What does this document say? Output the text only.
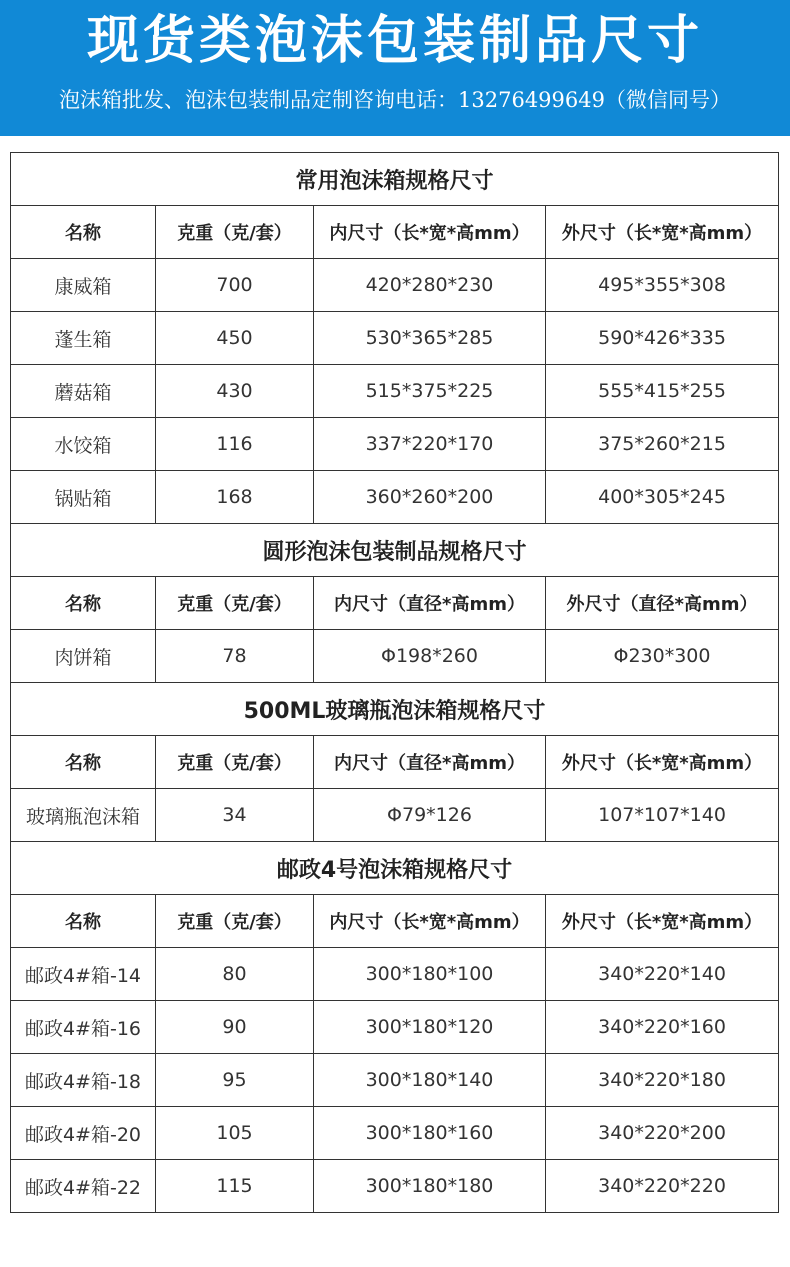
现货类泡沫包装制品尺寸
泡沫箱批发、泡沫包装制品定制咨询电话：13276499649（微信同号）
常用泡沫箱规格尺寸			
名称	克重（克/套）	内尺寸（长*宽*高mm）	外尺寸（长*宽*高mm）
康威箱	700	420*280*230	495*355*308
蓬生箱	450	530*365*285	590*426*335
蘑菇箱	430	515*375*225	555*415*255
水饺箱	116	337*220*170	375*260*215
锅贴箱	168	360*260*200	400*305*245
圆形泡沫包装制品规格尺寸			
名称	克重（克/套）	内尺寸（直径*高mm）	外尺寸（直径*高mm）
肉饼箱	78	Φ198*260	Φ230*300
500ML玻璃瓶泡沫箱规格尺寸			
名称	克重（克/套）	内尺寸（直径*高mm）	外尺寸（长*宽*高mm）
玻璃瓶泡沫箱	34	Φ79*126	107*107*140
邮政4号泡沫箱规格尺寸			
名称	克重（克/套）	内尺寸（长*宽*高mm）	外尺寸（长*宽*高mm）
邮政4#箱-14	80	300*180*100	340*220*140
邮政4#箱-16	90	300*180*120	340*220*160
邮政4#箱-18	95	300*180*140	340*220*180
邮政4#箱-20	105	300*180*160	340*220*200
邮政4#箱-22	115	300*180*180	340*220*220
